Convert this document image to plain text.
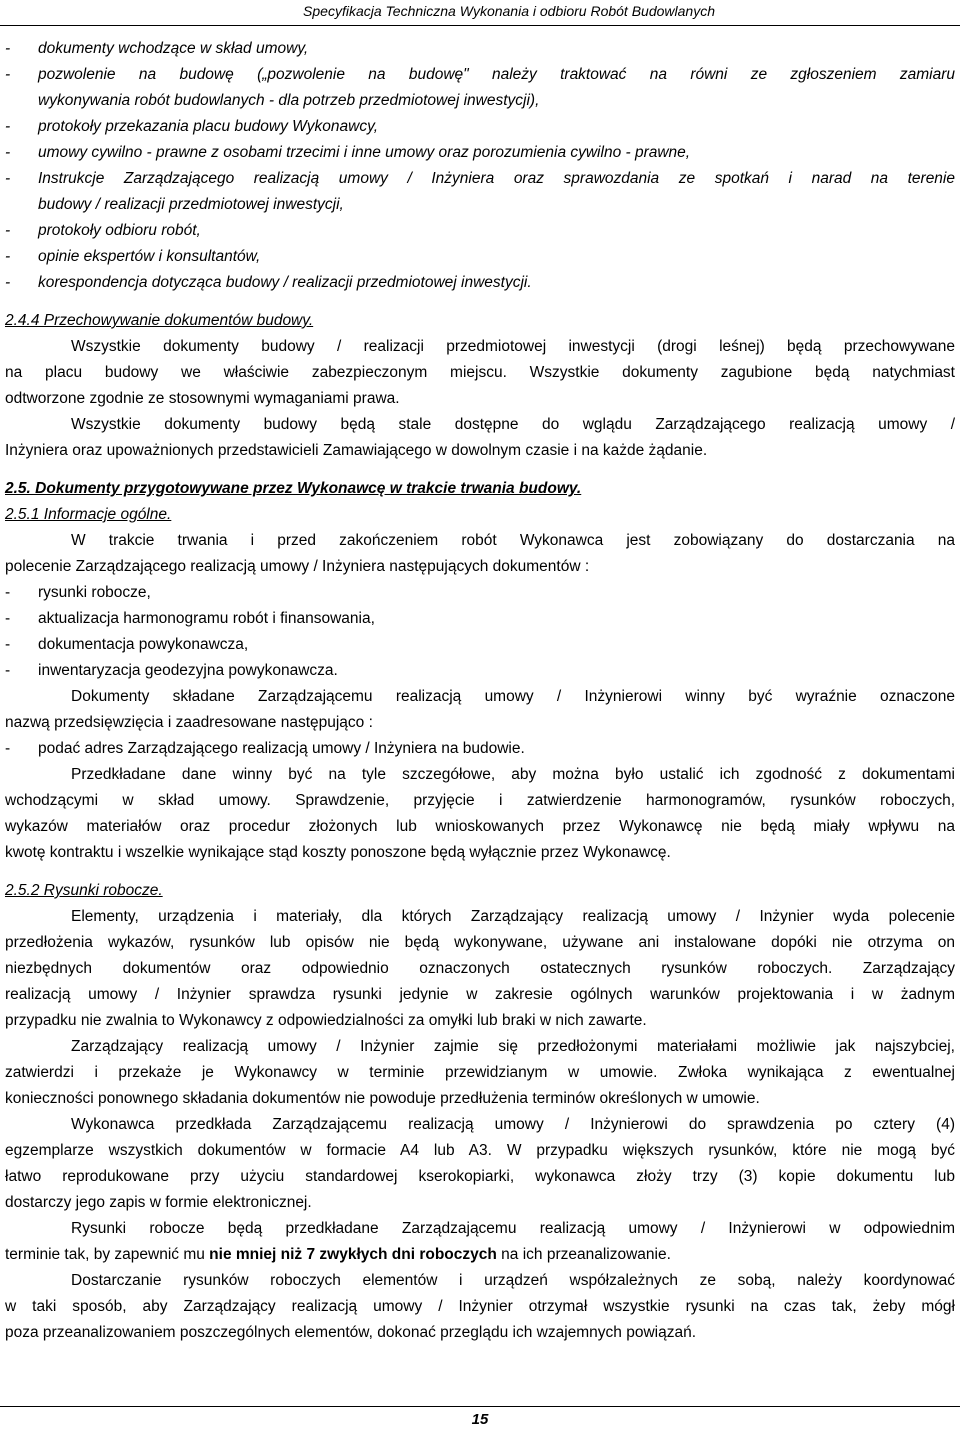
Specyfikacja Techniczna Wykonania i odbioru Robót Budowlanych
- dokumenty wchodzące w skład umowy,
- pozwolenie na budowę („pozwolenie na budowę" należy traktować na równi ze zgłoszeniem zamiaru
wykonywania robót budowlanych - dla potrzeb przedmiotowej inwestycji),
- protokoły przekazania placu budowy Wykonawcy,
- umowy cywilno - prawne z osobami trzecimi i inne umowy oraz porozumienia cywilno - prawne,
- Instrukcje Zarządzającego realizacją umowy / Inżyniera oraz sprawozdania ze spotkań i narad na terenie
budowy / realizacji przedmiotowej inwestycji,
- protokoły odbioru robót,
- opinie ekspertów i konsultantów,
- korespondencja dotycząca budowy / realizacji przedmiotowej inwestycji.
2.4.4 Przechowywanie dokumentów budowy.
Wszystkie dokumenty budowy / realizacji przedmiotowej inwestycji (drogi leśnej) będą przechowywane
na placu budowy we właściwie zabezpieczonym miejscu. Wszystkie dokumenty zagubione będą natychmiast
odtworzone zgodnie ze stosownymi wymaganiami prawa.
Wszystkie dokumenty budowy będą stale dostępne do wglądu Zarządzającego realizacją umowy /
Inżyniera oraz upoważnionych przedstawicieli Zamawiającego w dowolnym czasie i na każde żądanie.
2.5. Dokumenty przygotowywane przez Wykonawcę w trakcie trwania budowy.
2.5.1 Informacje ogólne.
W trakcie trwania i przed zakończeniem robót Wykonawca jest zobowiązany do dostarczania na
polecenie Zarządzającego realizacją umowy / Inżyniera następujących dokumentów :
- rysunki robocze,
- aktualizacja harmonogramu robót i finansowania,
- dokumentacja powykonawcza,
- inwentaryzacja geodezyjna powykonawcza.
Dokumenty składane Zarządzającemu realizacją umowy / Inżynierowi winny być wyraźnie oznaczone
nazwą przedsięwzięcia i zaadresowane następująco :
- podać adres Zarządzającego realizacją umowy / Inżyniera na budowie.
Przedkładane dane winny być na tyle szczegółowe, aby można było ustalić ich zgodność z dokumentami
wchodzącymi w skład umowy. Sprawdzenie, przyjęcie i zatwierdzenie harmonogramów, rysunków roboczych,
wykazów materiałów oraz procedur złożonych lub wnioskowanych przez Wykonawcę nie będą miały wpływu na
kwotę kontraktu i wszelkie wynikające stąd koszty ponoszone będą wyłącznie przez Wykonawcę.
2.5.2 Rysunki robocze.
Elementy, urządzenia i materiały, dla których Zarządzający realizacją umowy / Inżynier wyda polecenie
przedłożenia wykazów, rysunków lub opisów nie będą wykonywane, używane ani instalowane dopóki nie otrzyma on
niezbędnych dokumentów oraz odpowiednio oznaczonych ostatecznych rysunków roboczych. Zarządzający
realizacją umowy / Inżynier sprawdza rysunki jedynie w zakresie ogólnych warunków projektowania i w żadnym
przypadku nie zwalnia to Wykonawcy z odpowiedzialności za omyłki lub braki w nich zawarte.
Zarządzający realizacją umowy / Inżynier zajmie się przedłożonymi materiałami możliwie jak najszybciej,
zatwierdzi i przekaże je Wykonawcy w terminie przewidzianym w umowie. Zwłoka wynikająca z ewentualnej
konieczności ponownego składania dokumentów nie powoduje przedłużenia terminów określonych w umowie.
Wykonawca przedkłada Zarządzającemu realizacją umowy / Inżynierowi do sprawdzenia po cztery (4)
egzemplarze wszystkich dokumentów w formacie A4 lub A3. W przypadku większych rysunków, które nie mogą być
łatwo reprodukowane przy użyciu standardowej kserokopiarki, wykonawca złoży trzy (3) kopie dokumentu lub
dostarczy jego zapis w formie elektronicznej.
Rysunki robocze będą przedkładane Zarządzającemu realizacją umowy / Inżynierowi w odpowiednim
terminie tak, by zapewnić mu nie mniej niż 7 zwykłych dni roboczych na ich przeanalizowanie.
Dostarczanie rysunków roboczych elementów i urządzeń współzależnych ze sobą, należy koordynować
w taki sposób, aby Zarządzający realizacją umowy / Inżynier otrzymał wszystkie rysunki na czas tak, żeby mógł
poza przeanalizowaniem poszczególnych elementów, dokonać przeglądu ich wzajemnych powiązań.
15
